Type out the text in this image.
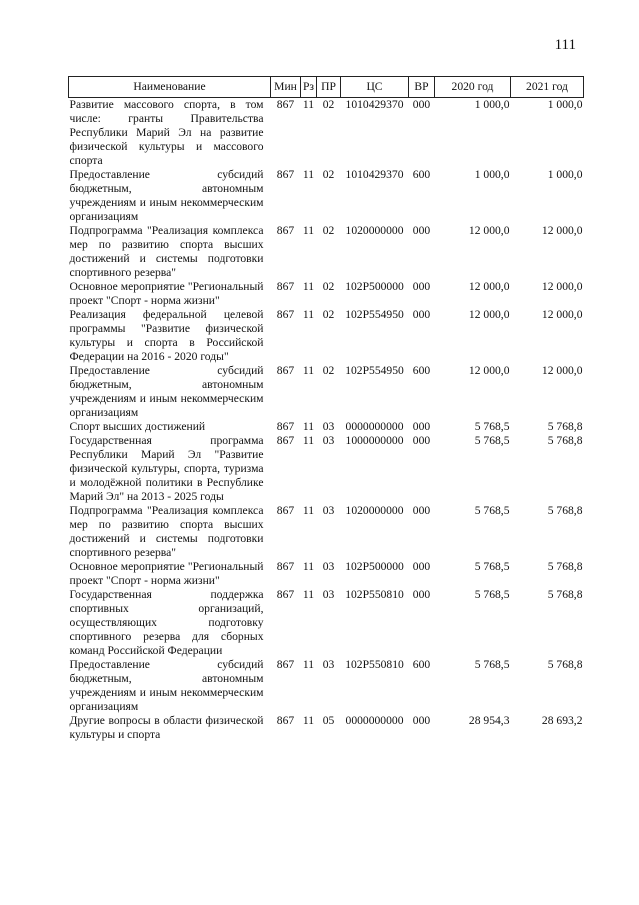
111
Наименование	Мин	Рз	ПР	ЦС	ВР	2020 год	2021 год
Развитие массового спорта, в том числе: гранты Правительства Республики Марий Эл на развитие физической культуры и массового спорта	867	11	02	1010429370	000	1 000,0	1 000,0
Предоставление субсидий бюджетным, автономным учреждениям и иным некоммерческим организациям	867	11	02	1010429370	600	1 000,0	1 000,0
Подпрограмма "Реализация комплекса мер по развитию спорта высших достижений и системы подготовки спортивного резерва"	867	11	02	1020000000	000	12 000,0	12 000,0
Основное мероприятие "Региональный проект "Спорт - норма жизни"	867	11	02	102Р500000	000	12 000,0	12 000,0
Реализация федеральной целевой программы "Развитие физической культуры и спорта в Российской Федерации на 2016 - 2020 годы"	867	11	02	102Р554950	000	12 000,0	12 000,0
Предоставление субсидий бюджетным, автономным учреждениям и иным некоммерческим организациям	867	11	02	102Р554950	600	12 000,0	12 000,0
Спорт высших достижений	867	11	03	0000000000	000	5 768,5	5 768,8
Государственная программа Республики Марий Эл "Развитие физической культуры, спорта, туризма и молодёжной политики в Республике Марий Эл" на 2013 - 2025 годы	867	11	03	1000000000	000	5 768,5	5 768,8
Подпрограмма "Реализация комплекса мер по развитию спорта высших достижений и системы подготовки спортивного резерва"	867	11	03	1020000000	000	5 768,5	5 768,8
Основное мероприятие "Региональный проект "Спорт - норма жизни"	867	11	03	102Р500000	000	5 768,5	5 768,8
Государственная поддержка спортивных организаций, осуществляющих подготовку спортивного резерва для сборных команд Российской Федерации	867	11	03	102Р550810	000	5 768,5	5 768,8
Предоставление субсидий бюджетным, автономным учреждениям и иным некоммерческим организациям	867	11	03	102Р550810	600	5 768,5	5 768,8
Другие вопросы в области физической культуры и спорта	867	11	05	0000000000	000	28 954,3	28 693,2
